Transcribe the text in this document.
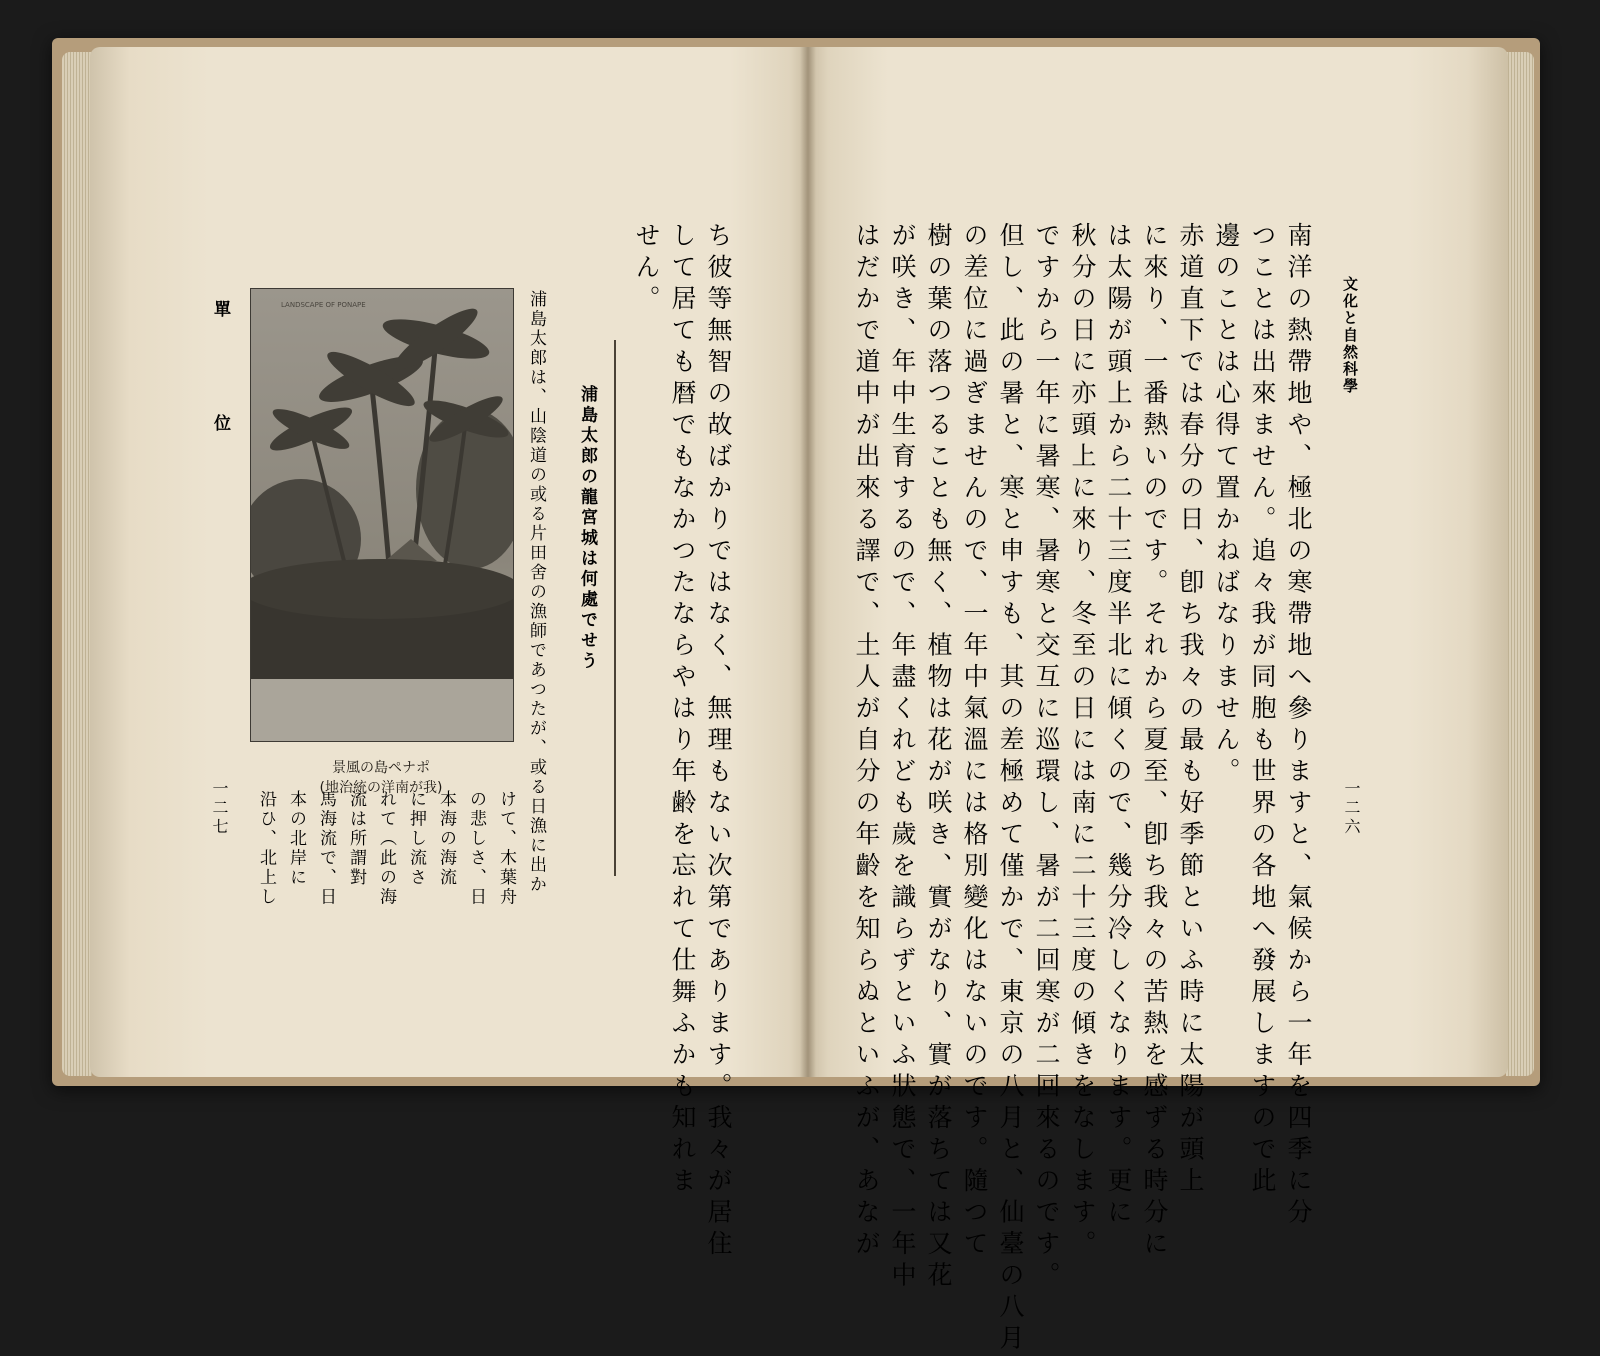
單　位
一二七
LANDSCAPE OF PONAPE
景風の島ペナポ
(地治統の洋南が我)
浦島太郎の龍宮城は何處でせう
浦島太郎は、山陰道の或る片田舍の漁師であつたが、或る日漁に出か
けて、木葉舟
の悲しさ、日
本海の海流
に押し流さ
れて（此の海
流は所謂對
馬海流で、日
本の北岸に
沿ひ、北上し	ち彼等無智の故ばかりではなく、無理もない次第であります。我々が居住
して居ても暦でもなかつたならやはり年齢を忘れて仕舞ふかも知れま
せん。
文化と自然科學
一二六
南洋の熱帶地や、極北の寒帶地へ參りますと、氣候から一年を四季に分
つことは出來ません。追々我が同胞も世界の各地へ發展しますので此
邊のことは心得て置かねばなりません。
赤道直下では春分の日、卽ち我々の最も好季節といふ時に太陽が頭上
に來り、一番熱いのです。それから夏至、卽ち我々の苦熱を感ずる時分に
は太陽が頭上から二十三度半北に傾くので、幾分冷しくなります。更に
秋分の日に亦頭上に來り、冬至の日には南に二十三度の傾きをなします。
ですから一年に暑寒、暑寒と交互に巡環し、暑が二回寒が二回來るのです。
但し、此の暑と、寒と申すも、其の差極めて僅かで、東京の八月と、仙臺の八月
の差位に過ぎませんので、一年中氣溫には格別變化はないのです。隨つて
樹の葉の落つることも無く、植物は花が咲き、實がなり、實が落ちては又花
が咲き、年中生育するので、年盡くれども歲を識らずといふ狀態で、一年中
はだかで道中が出來る譯で、土人が自分の年齡を知らぬといふが、あなが
